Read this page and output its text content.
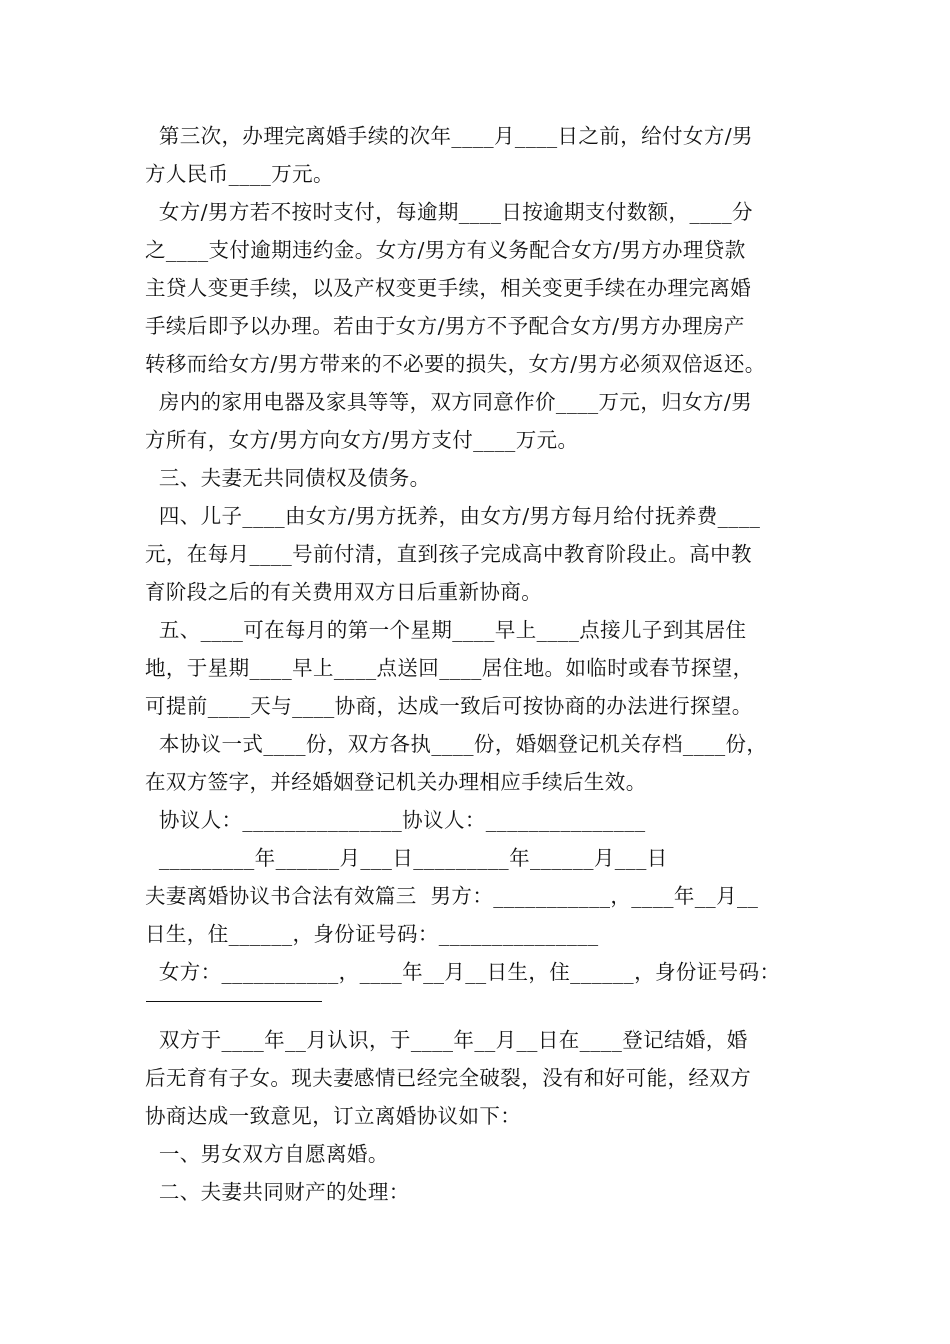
第三次，办理完离婚手续的次年____月____日之前，给付女方/男
方人民币____万元。
女方/男方若不按时支付，每逾期____日按逾期支付数额，____分
之____支付逾期违约金。女方/男方有义务配合女方/男方办理贷款
主贷人变更手续，以及产权变更手续，相关变更手续在办理完离婚
手续后即予以办理。若由于女方/男方不予配合女方/男方办理房产
转移而给女方/男方带来的不必要的损失，女方/男方必须双倍返还。
房内的家用电器及家具等等，双方同意作价____万元，归女方/男
方所有，女方/男方向女方/男方支付____万元。
三、夫妻无共同债权及债务。
四、儿子____由女方/男方抚养，由女方/男方每月给付抚养费____
元，在每月____号前付清，直到孩子完成高中教育阶段止。高中教
育阶段之后的有关费用双方日后重新协商。
五、____可在每月的第一个星期____早上____点接儿子到其居住
地，于星期____早上____点送回____居住地。如临时或春节探望，
可提前____天与____协商，达成一致后可按协商的办法进行探望。
本协议一式____份，双方各执____份，婚姻登记机关存档____份，
在双方签字，并经婚姻登记机关办理相应手续后生效。
协议人：_______________协议人：_______________
_________年______月___日_________年______月___日
夫妻离婚协议书合法有效篇三  男方：___________，____年__月__
日生，住______，身份证号码：_______________
女方：___________，____年__月__日生，住______，身份证号码：
双方于____年__月认识，于____年__月__日在____登记结婚，婚
后无育有子女。现夫妻感情已经完全破裂，没有和好可能，经双方
协商达成一致意见，订立离婚协议如下：
一、男女双方自愿离婚。
二、夫妻共同财产的处理：
